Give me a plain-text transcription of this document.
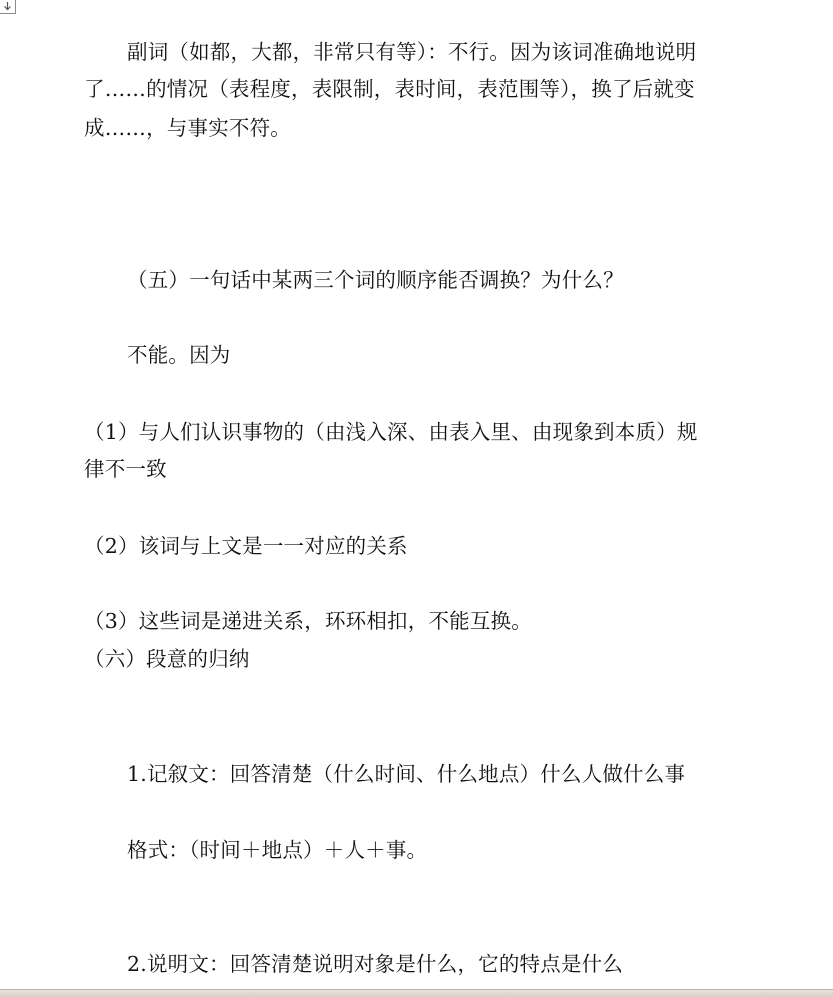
副词（如都，大都，非常只有等）：不行。因为该词准确地说明

了……的情况（表程度，表限制，表时间，表范围等），换了后就变

成……，与事实不符。

（五）一句话中某两三个词的顺序能否调换？为什么？

不能。因为

（1）与人们认识事物的（由浅入深、由表入里、由现象到本质）规

律不一致

（2）该词与上文是一一对应的关系

（3）这些词是递进关系，环环相扣，不能互换。

（六）段意的归纳

1.记叙文：回答清楚（什么时间、什么地点）什么人做什么事

格式：（时间＋地点）＋人＋事。

2.说明文：回答清楚说明对象是什么，它的特点是什么
